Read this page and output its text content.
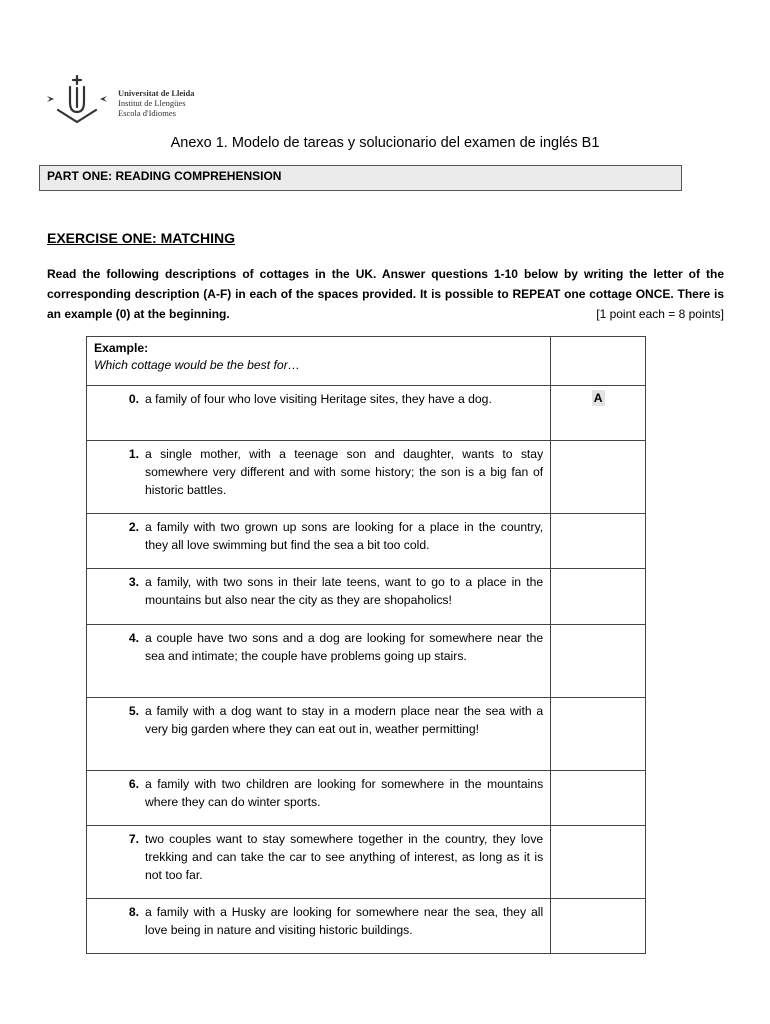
Universitat de Lleida
Institut de Llengües
Escola d'Idiomes
Anexo 1. Modelo de tareas y solucionario del examen de inglés B1
PART ONE: READING COMPREHENSION
EXERCISE ONE: MATCHING
Read the following descriptions of cottages in the UK. Answer questions 1-10 below by writing the letter of the corresponding description (A-F) in each of the spaces provided. It is possible to REPEAT one cottage ONCE. There is an example (0) at the beginning.	[1 point each = 8 points]
Example:
Which cottage would be the best for…	

0. a family of four who love visiting Heritage sites, they have a dog.	A

1. a single mother, with a teenage son and daughter, wants to stay somewhere very different and with some history; the son is a big fan of historic battles.	

2. a family with two grown up sons are looking for a place in the country, they all love swimming but find the sea a bit too cold.	

3. a family, with two sons in their late teens, want to go to a place in the mountains but also near the city as they are shopaholics!	

4. a couple have two sons and a dog are looking for somewhere near the sea and intimate; the couple have problems going up stairs.	

5. a family with a dog want to stay in a modern place near the sea with a very big garden where they can eat out in, weather permitting!	

6. a family with two children are looking for somewhere in the mountains where they can do winter sports.	

7. two couples want to stay somewhere together in the country, they love trekking and can take the car to see anything of interest, as long as it is not too far.	

8. a family with a Husky are looking for somewhere near the sea, they all love being in nature and visiting historic buildings.	
